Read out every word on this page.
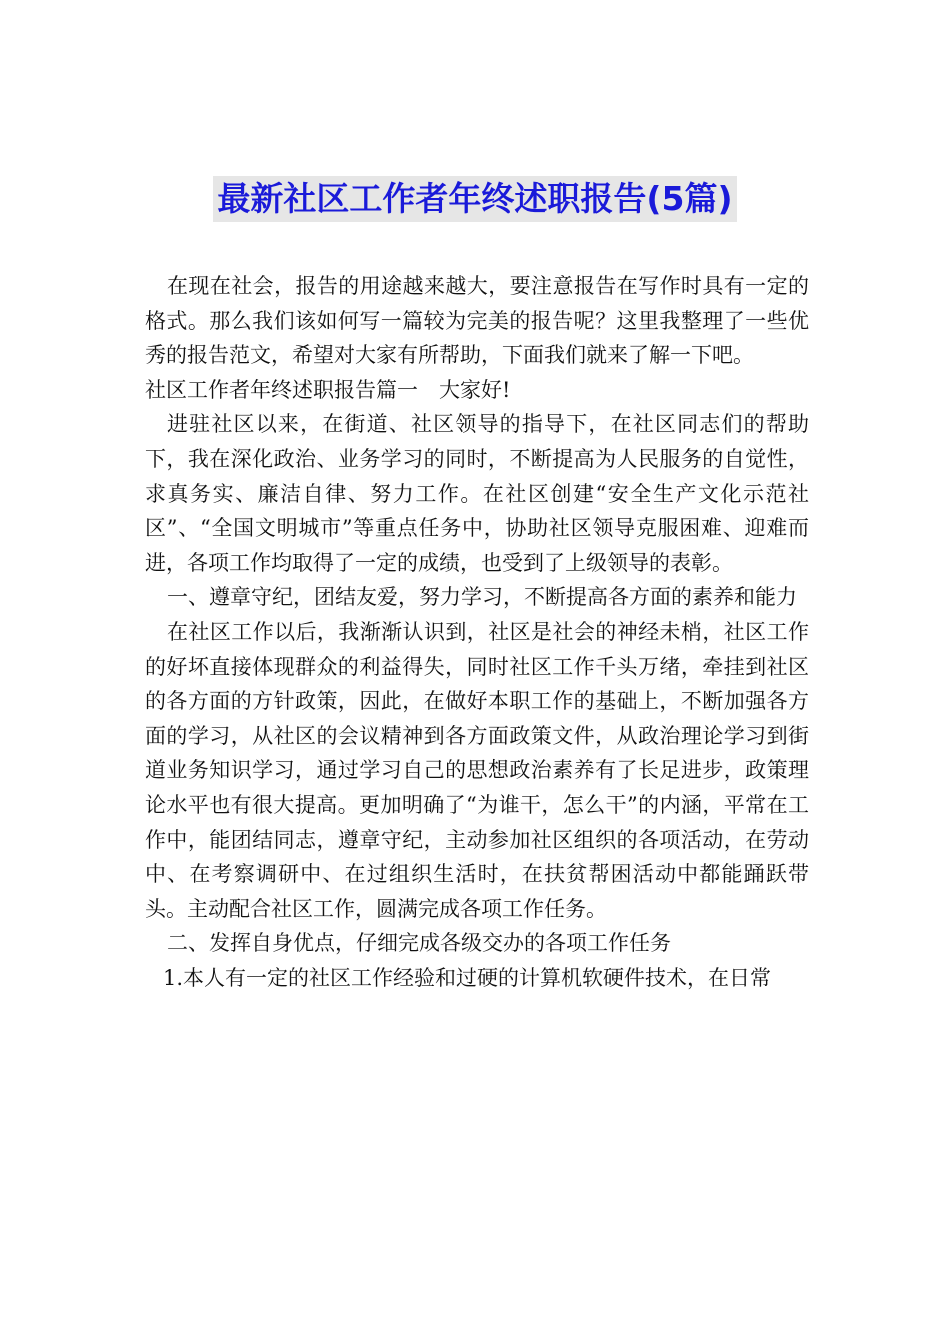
最新社区工作者年终述职报告(5篇)

在现在社会，报告的用途越来越大，要注意报告在写作时具有一定的格式。那么我们该如何写一篇较为完美的报告呢？这里我整理了一些优秀的报告范文，希望对大家有所帮助，下面我们就来了解一下吧。

社区工作者年终述职报告篇一　大家好!

进驻社区以来，在街道、社区领导的指导下，在社区同志们的帮助下，我在深化政治、业务学习的同时，不断提高为人民服务的自觉性，求真务实、廉洁自律、努力工作。在社区创建“安全生产文化示范社区”、“全国文明城市”等重点任务中，协助社区领导克服困难、迎难而进，各项工作均取得了一定的成绩，也受到了上级领导的表彰。

一、遵章守纪，团结友爱，努力学习，不断提高各方面的素养和能力

在社区工作以后，我渐渐认识到，社区是社会的神经未梢，社区工作的好坏直接体现群众的利益得失，同时社区工作千头万绪，牵挂到社区的各方面的方针政策，因此，在做好本职工作的基础上，不断加强各方面的学习，从社区的会议精神到各方面政策文件，从政治理论学习到街道业务知识学习，通过学习自己的思想政治素养有了长足进步，政策理论水平也有很大提高。更加明确了“为谁干，怎么干”的内涵，平常在工作中，能团结同志，遵章守纪，主动参加社区组织的各项活动，在劳动中、在考察调研中、在过组织生活时，在扶贫帮困活动中都能踊跃带头。主动配合社区工作，圆满完成各项工作任务。

二、发挥自身优点，仔细完成各级交办的各项工作任务

1.本人有一定的社区工作经验和过硬的计算机软硬件技术，在日常
